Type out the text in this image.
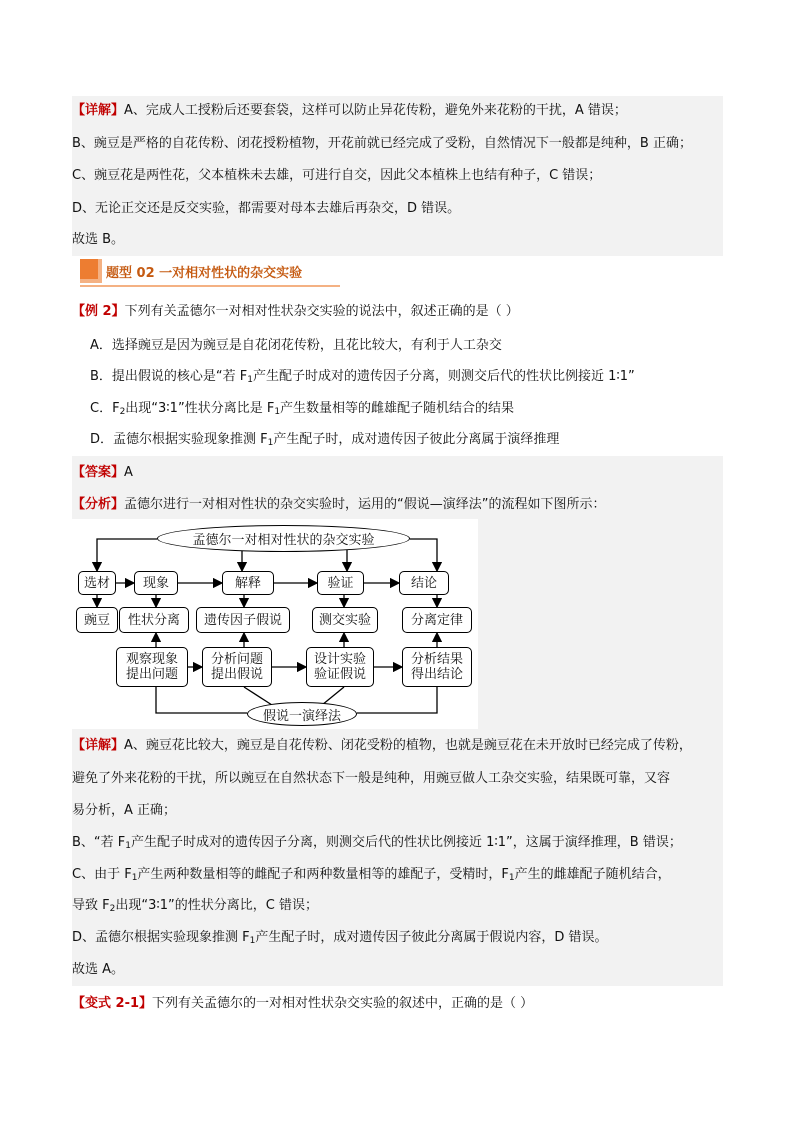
【详解】A、完成人工授粉后还要套袋，这样可以防止异花传粉，避免外来花粉的干扰，A 错误；
B、豌豆是严格的自花传粉、闭花授粉植物，开花前就已经完成了受粉，自然情况下一般都是纯种，B 正确；
C、豌豆花是两性花，父本植株未去雄，可进行自交，因此父本植株上也结有种子，C 错误；
D、无论正交还是反交实验，都需要对母本去雄后再杂交，D 错误。
故选 B。
题型 02 一对相对性状的杂交实验
【例 2】下列有关孟德尔一对相对性状杂交实验的说法中，叙述正确的是（ ）
A．选择豌豆是因为豌豆是自花闭花传粉，且花比较大，有利于人工杂交
B．提出假说的核心是“若 $F_1$产生配子时成对的遗传因子分离，则测交后代的性状比例接近 1∶1”
C．$F_2$出现“3∶1”性状分离比是 $F_1$产生数量相等的雌雄配子随机结合的结果
D．孟德尔根据实验现象推测 $F_1$产生配子时，成对遗传因子彼此分离属于演绎推理
【答案】A
【分析】孟德尔进行一对相对性状的杂交实验时，运用的“假说—演绎法”的流程如下图所示：
孟德尔一对相对性状的杂交实验
选材	现象	解释	验证	结论
豌豆	性状分离	遗传因子假说	测交实验	分离定律
观察现象
提出问题
分析问题
提出假说
设计实验
验证假说
分析结果
得出结论
假说一演绎法
【详解】A、豌豆花比较大，豌豆是自花传粉、闭花受粉的植物，也就是豌豆花在未开放时已经完成了传粉，
避免了外来花粉的干扰，所以豌豆在自然状态下一般是纯种，用豌豆做人工杂交实验，结果既可靠，又容
易分析，A 正确；
B、“若 $F_1$产生配子时成对的遗传因子分离，则测交后代的性状比例接近 1∶1”，这属于演绎推理，B 错误；
C、由于 $F_1$产生两种数量相等的雌配子和两种数量相等的雄配子，受精时，$F_1$产生的雌雄配子随机结合，
导致 $F_2$出现“3∶1”的性状分离比，C 错误；
D、孟德尔根据实验现象推测 $F_1$产生配子时，成对遗传因子彼此分离属于假说内容，D 错误。
故选 A。
【变式 2-1】下列有关孟德尔的一对相对性状杂交实验的叙述中，正确的是（ ）
